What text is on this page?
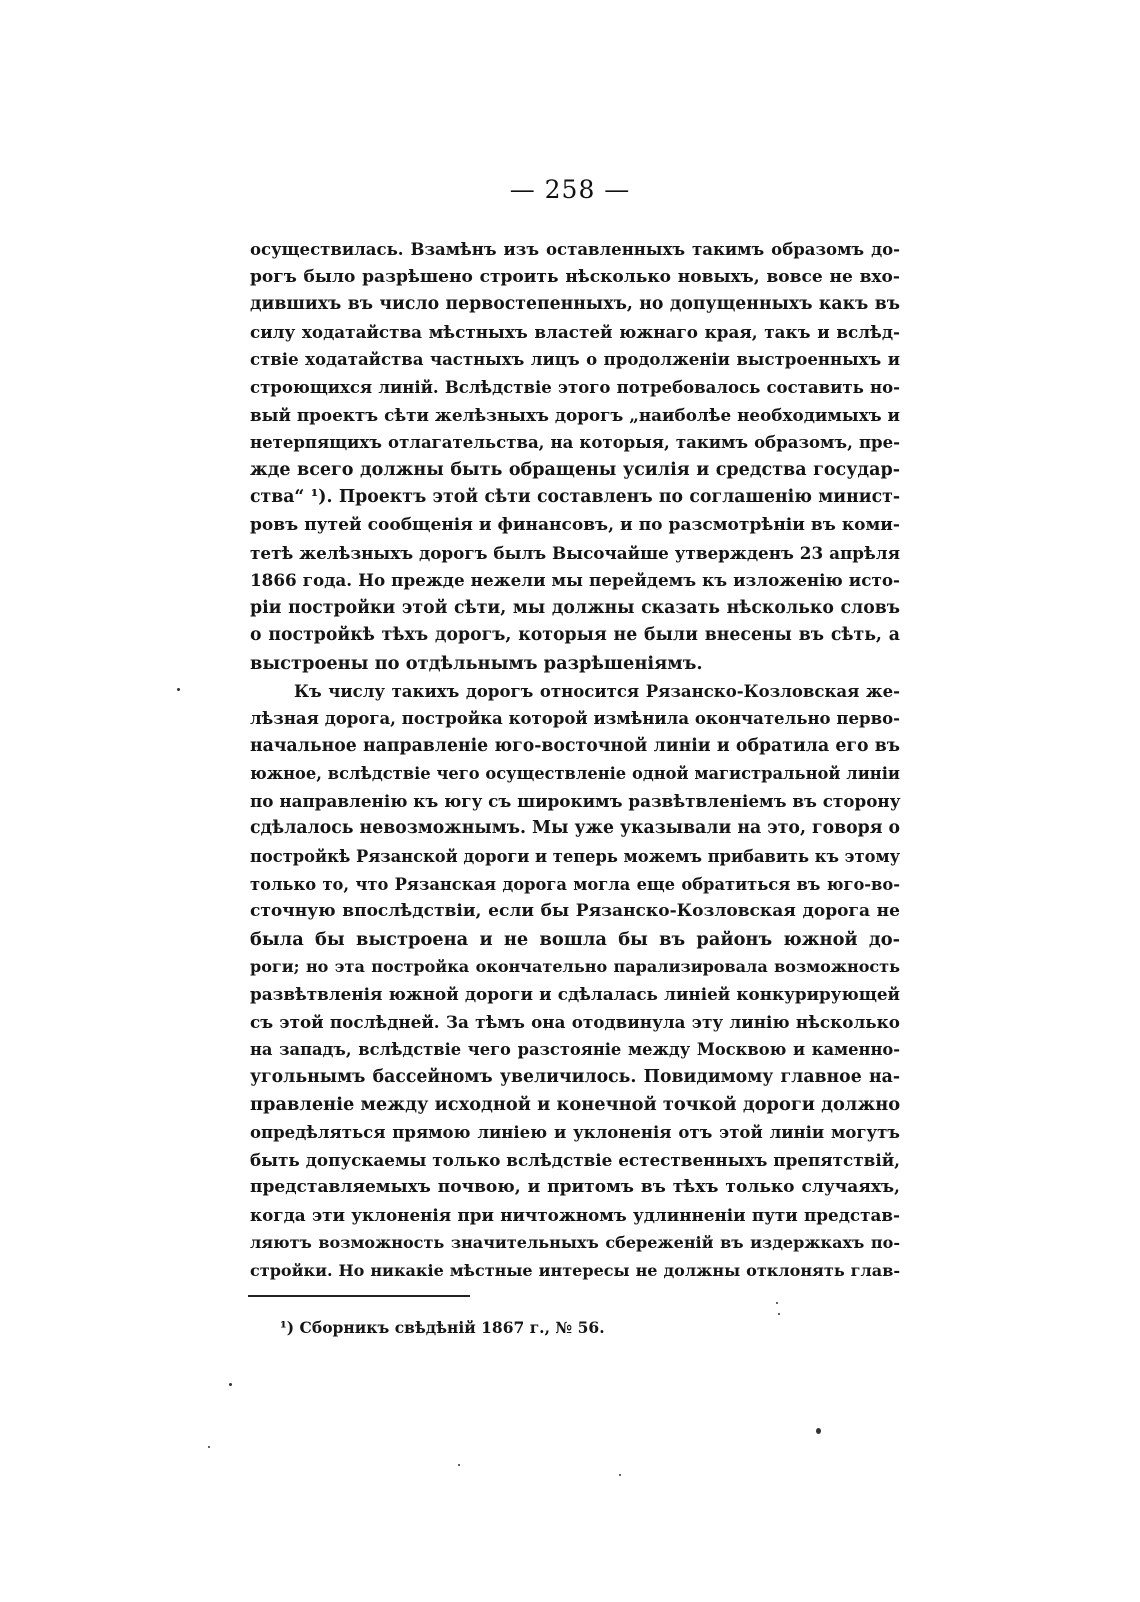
— 258 —
осуществилась. Взамѣнъ изъ оставленныхъ такимъ образомъ до-
рогъ было разрѣшено строить нѣсколько новыхъ, вовсе не вхо-
дившихъ въ число первостепенныхъ, но допущенныхъ какъ въ
силу ходатайства мѣстныхъ властей южнаго края, такъ и вслѣд-
ствіе ходатайства частныхъ лицъ о продолженіи выстроенныхъ и
строющихся линій. Вслѣдствіе этого потребовалось составить но-
вый проектъ сѣти желѣзныхъ дорогъ „наиболѣе необходимыхъ и
нетерпящихъ отлагательства, на которыя, такимъ образомъ, пре-
жде всего должны быть обращены усилія и средства государ-
ства“ ¹). Проектъ этой сѣти составленъ по соглашенію минист-
ровъ путей сообщенія и финансовъ, и по разсмотрѣніи въ коми-
тетѣ желѣзныхъ дорогъ былъ Высочайше утвержденъ 23 апрѣля
1866 года. Но прежде нежели мы перейдемъ къ изложенію исто-
ріи постройки этой сѣти, мы должны сказать нѣсколько словъ
о постройкѣ тѣхъ дорогъ, которыя не были внесены въ сѣть, а
выстроены по отдѣльнымъ разрѣшеніямъ.
Къ числу такихъ дорогъ относится Рязанско-Козловская же-
лѣзная дорога, постройка которой измѣнила окончательно перво-
начальное направленіе юго-восточной линіи и обратила его въ
южное, вслѣдствіе чего осуществленіе одной магистральной линіи
по направленію къ югу съ широкимъ развѣтвленіемъ въ сторону
сдѣлалось невозможнымъ. Мы уже указывали на это, говоря о
постройкѣ Рязанской дороги и теперь можемъ прибавить къ этому
только то, что Рязанская дорога могла еще обратиться въ юго-во-
сточную впослѣдствіи, если бы Рязанско-Козловская дорога не
была бы выстроена и не вошла бы въ районъ южной до-
роги; но эта постройка окончательно парализировала возможность
развѣтвленія южной дороги и сдѣлалась линіей конкурирующей
съ этой послѣдней. За тѣмъ она отодвинула эту линію нѣсколько
на западъ, вслѣдствіе чего разстояніе между Москвою и каменно-
угольнымъ бассейномъ увеличилось. Повидимому главное на-
правленіе между исходной и конечной точкой дороги должно
опредѣляться прямою линіею и уклоненія отъ этой линіи могутъ
быть допускаемы только вслѣдствіе естественныхъ препятствій,
представляемыхъ почвою, и притомъ въ тѣхъ только случаяхъ,
когда эти уклоненія при ничтожномъ удлинненіи пути представ-
ляютъ возможность значительныхъ сбереженій въ издержкахъ по-
стройки. Но никакіе мѣстные интересы не должны отклонять глав-
¹) Сборникъ свѣдѣній 1867 г., № 56.
